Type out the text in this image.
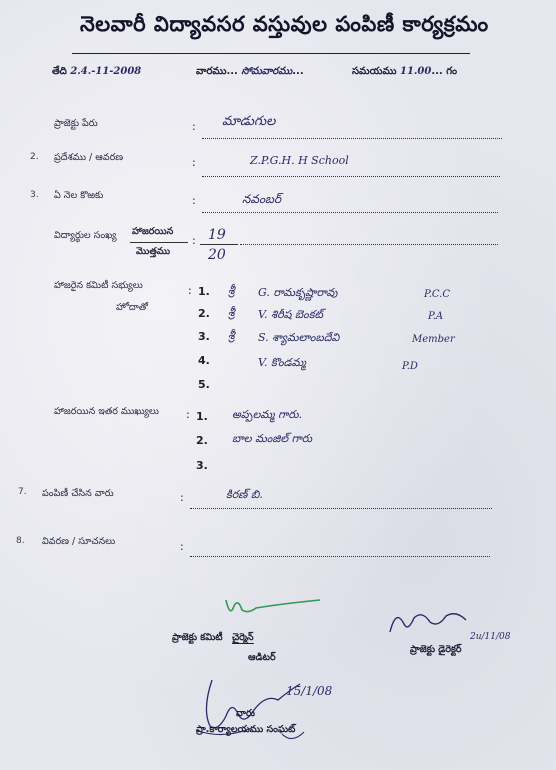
నెలవారీ విద్యావసర వస్తువుల పంపిణీ కార్యక్రమం
తేది 2.4.-11-2008	వారము... సోమవారము...	సమయము 11.00... గం
ప్రాజెక్టు పేరు	: మాడుగుల
2. ప్రదేశము / ఆవరణ	:	Z.P.G.H. H School
3. ఏ నెల కొఱకు	:	నవంబర్
విద్యార్థుల సంఖ్య హాజరయిన
మొత్తము
: 19
20
హాజరైన కమిటీ సభ్యులు
హోదాతో
: 1. శ్రీ G. రామకృష్ణారావు	P.C.C
2. శ్రీ V. శిరీష బెంకట్	P.A
3. శ్రీ S. శ్యామలాంబదేవి	Member
4.	V. కొండమ్మ	P.D
5.
హాజరయిన ఇతర ముఖ్యులు : 1. అప్పలమ్మ గారు.
2. బాల మంజిల్ గారు
3.
7. పంపిణీ చేసిన వారు	:	కిరణ్ బి.
8. వివరణ / సూచనలు	:
ప్రాజెక్టు కమిటీ చైర్మెన్
ఆడిటర్
2u/11/08
ప్రాజెక్టు డైరెక్టర్
15/1/08
వారు
ప్రా.కార్యాలయము సంఘట్
